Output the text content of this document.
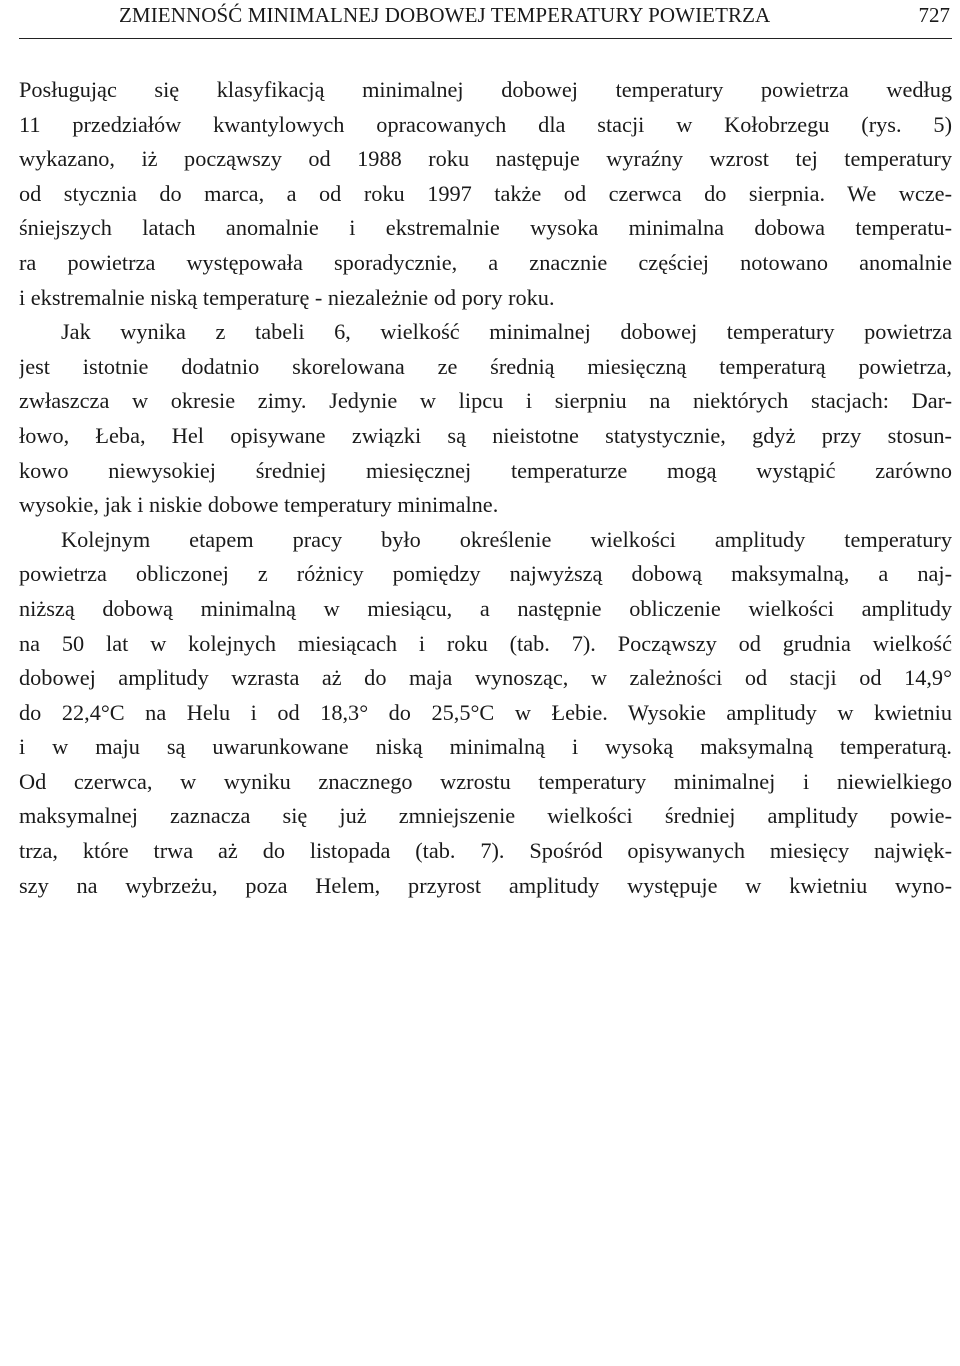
ZMIENNOŚĆ MINIMALNEJ DOBOWEJ TEMPERATURY POWIETRZA	727

Posługując się klasyfikacją minimalnej dobowej temperatury powietrza według
11 przedziałów kwantylowych opracowanych dla stacji w Kołobrzegu (rys. 5)
wykazano, iż począwszy od 1988 roku następuje wyraźny wzrost tej temperatury
od stycznia do marca, a od roku 1997 także od czerwca do sierpnia. We wcze-
śniejszych latach anomalnie i ekstremalnie wysoka minimalna dobowa temperatu-
ra powietrza występowała sporadycznie, a znacznie częściej notowano anomalnie
i ekstremalnie niską temperaturę - niezależnie od pory roku.

Jak wynika z tabeli 6, wielkość minimalnej dobowej temperatury powietrza
jest istotnie dodatnio skorelowana ze średnią miesięczną temperaturą powietrza,
zwłaszcza w okresie zimy. Jedynie w lipcu i sierpniu na niektórych stacjach: Dar-
łowo, Łeba, Hel opisywane związki są nieistotne statystycznie, gdyż przy stosun-
kowo niewysokiej średniej miesięcznej temperaturze mogą wystąpić zarówno
wysokie, jak i niskie dobowe temperatury minimalne.

Kolejnym etapem pracy było określenie wielkości amplitudy temperatury
powietrza obliczonej z różnicy pomiędzy najwyższą dobową maksymalną, a naj-
niższą dobową minimalną w miesiącu, a następnie obliczenie wielkości amplitudy
na 50 lat w kolejnych miesiącach i roku (tab. 7). Począwszy od grudnia wielkość
dobowej amplitudy wzrasta aż do maja wynosząc, w zależności od stacji od 14,9°
do 22,4°C na Helu i od 18,3° do 25,5°C w Łebie. Wysokie amplitudy w kwietniu
i w maju są uwarunkowane niską minimalną i wysoką maksymalną temperaturą.
Od czerwca, w wyniku znacznego wzrostu temperatury minimalnej i niewielkiego
maksymalnej zaznacza się już zmniejszenie wielkości średniej amplitudy powie-
trza, które trwa aż do listopada (tab. 7). Spośród opisywanych miesięcy najwięk-
szy na wybrzeżu, poza Helem, przyrost amplitudy występuje w kwietniu wyno-
